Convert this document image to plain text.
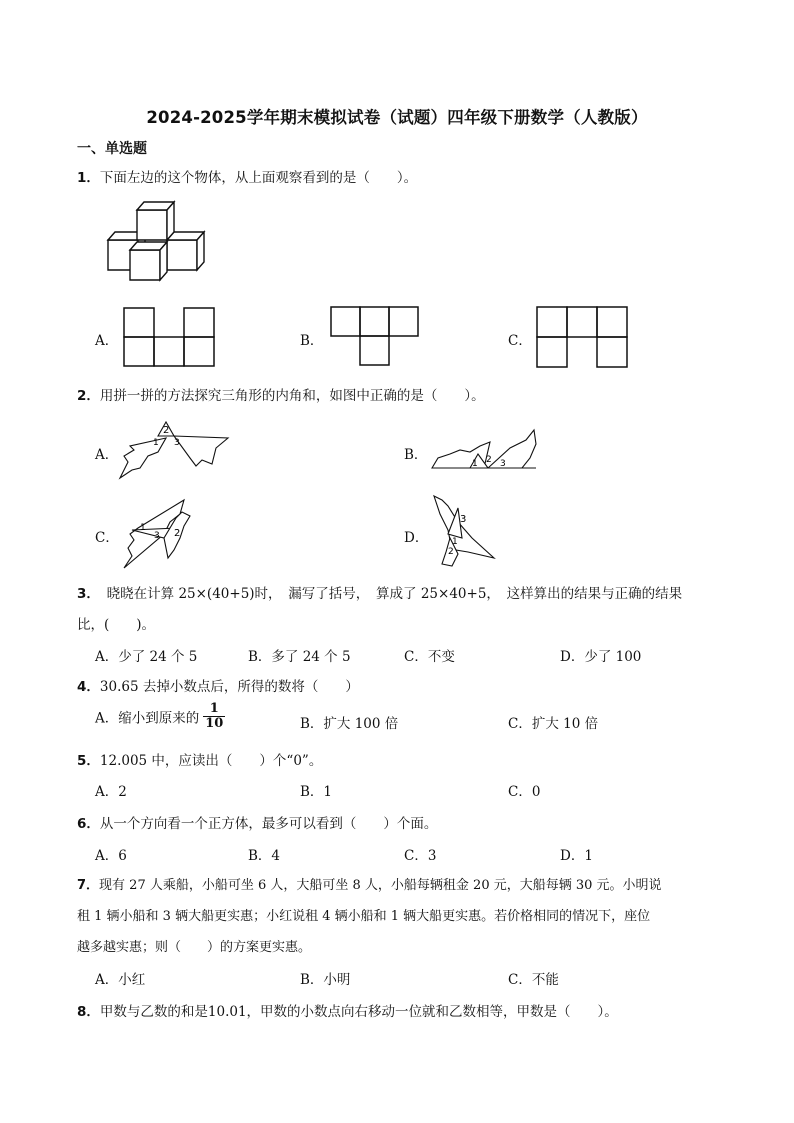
2024-2025学年期末模拟试卷（试题）四年级下册数学（人教版）
一、单选题
1．下面左边的这个物体，从上面观察看到的是（　　）。
A．	B．	C．
2．用拼一拼的方法探究三角形的内角和，如图中正确的是（　　）。
A．
2
1 3
B．
1 2 3
C．
1
3 2	D．
3
1
2
3．　晓晓在计算 25×(40+5)时，　漏写了括号，　算成了 25×40+5，　这样算出的结果与正确的结果
比，(　　)。
A．少了 24 个 5	B．多了 24 个 5	C．不变	D．少了 100
4．30.65 去掉小数点后，所得的数将（　　）
A．缩小到原来的 $\frac{1}{10}$	B．扩大 100 倍	C．扩大 10 倍
5．12.005 中，应读出（　　）个“0”。
A．2	B．1	C．0
6．从一个方向看一个正方体，最多可以看到（　　）个面。
A．6	B．4	C．3	D．1
7．现有 27 人乘船，小船可坐 6 人，大船可坐 8 人，小船每辆租金 20 元，大船每辆 30 元。小明说
租 1 辆小船和 3 辆大船更实惠；小红说租 4 辆小船和 1 辆大船更实惠。若价格相同的情况下，座位
越多越实惠；则（　　）的方案更实惠。
A．小红	B．小明	C．不能
8．甲数与乙数的和是10.01，甲数的小数点向右移动一位就和乙数相等，甲数是（　　）。
